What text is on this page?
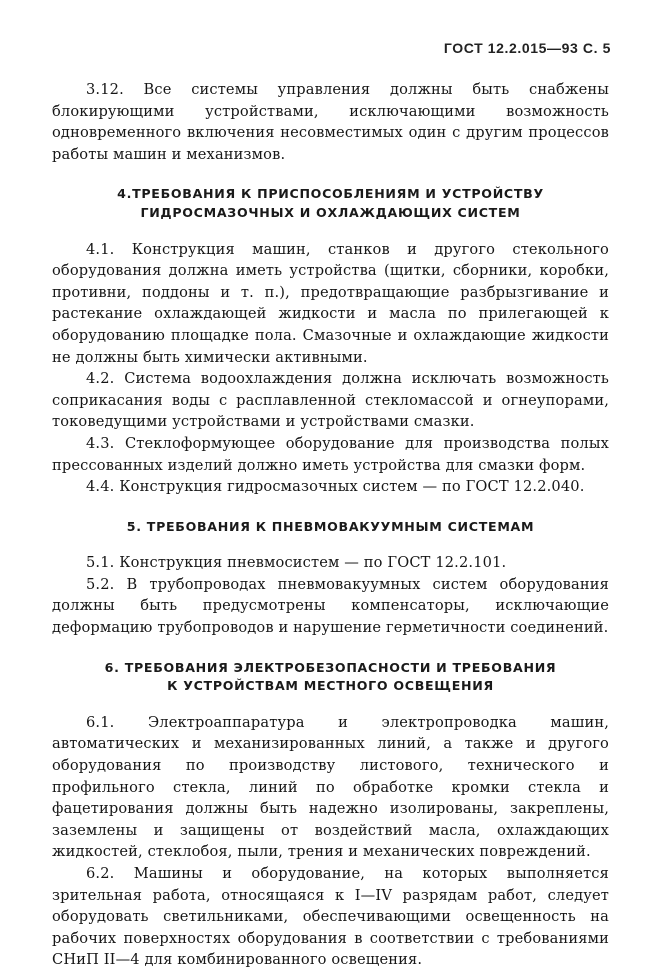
ГОСТ 12.2.015—93 С. 5

3.12. Все системы управления должны быть снабжены блокирующими устройствами, исключающими возможность одновременного включения несовместимых один с другим процессов работы машин и механизмов.

4.ТРЕБОВАНИЯ К ПРИСПОСОБЛЕНИЯМ И УСТРОЙСТВУ

ГИДРОСМАЗОЧНЫХ И ОХЛАЖДАЮЩИХ СИСТЕМ

4.1. Конструкция машин, станков и другого стекольного оборудования должна иметь устройства (щитки, сборники, коробки, противни, поддоны и т. п.), предотвращающие разбрызгивание и растекание охлаждающей жидкости и масла по прилегающей к оборудованию площадке пола. Смазочные и охлаждающие жидкости не должны быть химически активными.

4.2. Система водоохлаждения должна исключать возможность соприкасания воды с расплавленной стекломассой и огнеупорами, токоведущими устройствами и устройствами смазки.

4.3. Стеклоформующее оборудование для производства полых прессованных изделий должно иметь устройства для смазки форм.

4.4. Конструкция гидросмазочных систем — по ГОСТ 12.2.040.

5. ТРЕБОВАНИЯ К ПНЕВМОВАКУУМНЫМ СИСТЕМАМ

5.1. Конструкция пневмосистем — по ГОСТ 12.2.101.

5.2. В трубопроводах пневмовакуумных систем оборудования должны быть предусмотрены компенсаторы, исключающие деформацию трубопроводов и нарушение герметичности соединений.

6. ТРЕБОВАНИЯ ЭЛЕКТРОБЕЗОПАСНОСТИ И ТРЕБОВАНИЯ

К УСТРОЙСТВАМ МЕСТНОГО ОСВЕЩЕНИЯ

6.1. Электроаппаратура и электропроводка машин, автоматических и механизированных линий, а также и другого оборудования по производству листового, технического и профильного стекла, линий по обработке кромки стекла и фацетирования должны быть надежно изолированы, закреплены, заземлены и защищены от воздействий масла, охлаждающих жидкостей, стеклобоя, пыли, трения и механических повреждений.

6.2. Машины и оборудование, на которых выполняется зрительная работа, относящаяся к I—IV разрядам работ, следует оборудовать светильниками, обеспечивающими освещенность на рабочих поверхностях оборудования в соответствии с требованиями СНиП II—4 для комбинированного освещения.
